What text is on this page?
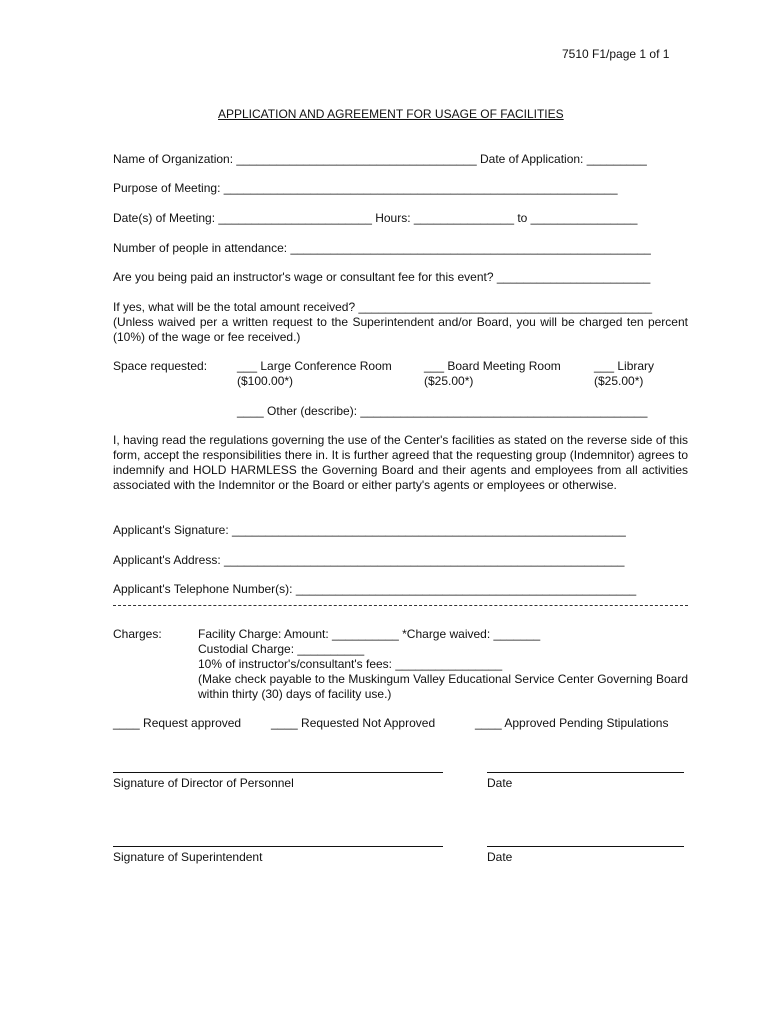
7510 F1/page 1 of 1
APPLICATION AND AGREEMENT FOR USAGE OF FACILITIES
Name of Organization: ____________________________________ Date of Application: _________
Purpose of Meeting: ___________________________________________________________
Date(s) of Meeting: _______________________ Hours: _______________ to ________________
Number of people in attendance: ______________________________________________________
Are you being paid an instructor's wage or consultant fee for this event? _______________________
If yes, what will be the total amount received? ____________________________________________
(Unless waived per a written request to the Superintendent and/or Board, you will be charged ten percent (10%) of the wage or fee received.)
Space requested: ___ Large Conference Room
($100.00*)
___ Board Meeting Room
($25.00*)
___ Library
($25.00*)
____ Other (describe): ___________________________________________
I, having read the regulations governing the use of the Center's facilities as stated on the reverse side of this form, accept the responsibilities there in. It is further agreed that the requesting group (Indemnitor) agrees to indemnify and HOLD HARMLESS the Governing Board and their agents and employees from all activities associated with the Indemnitor or the Board or either party's agents or employees or otherwise.
Applicant's Signature: ___________________________________________________________
Applicant's Address: ____________________________________________________________
Applicant's Telephone Number(s): ___________________________________________________
Charges:	Facility Charge: Amount: __________ *Charge waived: _______
Custodial Charge: __________
10% of instructor's/consultant's fees: ________________
(Make check payable to the Muskingum Valley Educational Service Center Governing Board within thirty (30) days of facility use.)
____ Request approved ____ Requested Not Approved	____ Approved Pending Stipulations
Signature of Director of Personnel	Date
Signature of Superintendent	Date
